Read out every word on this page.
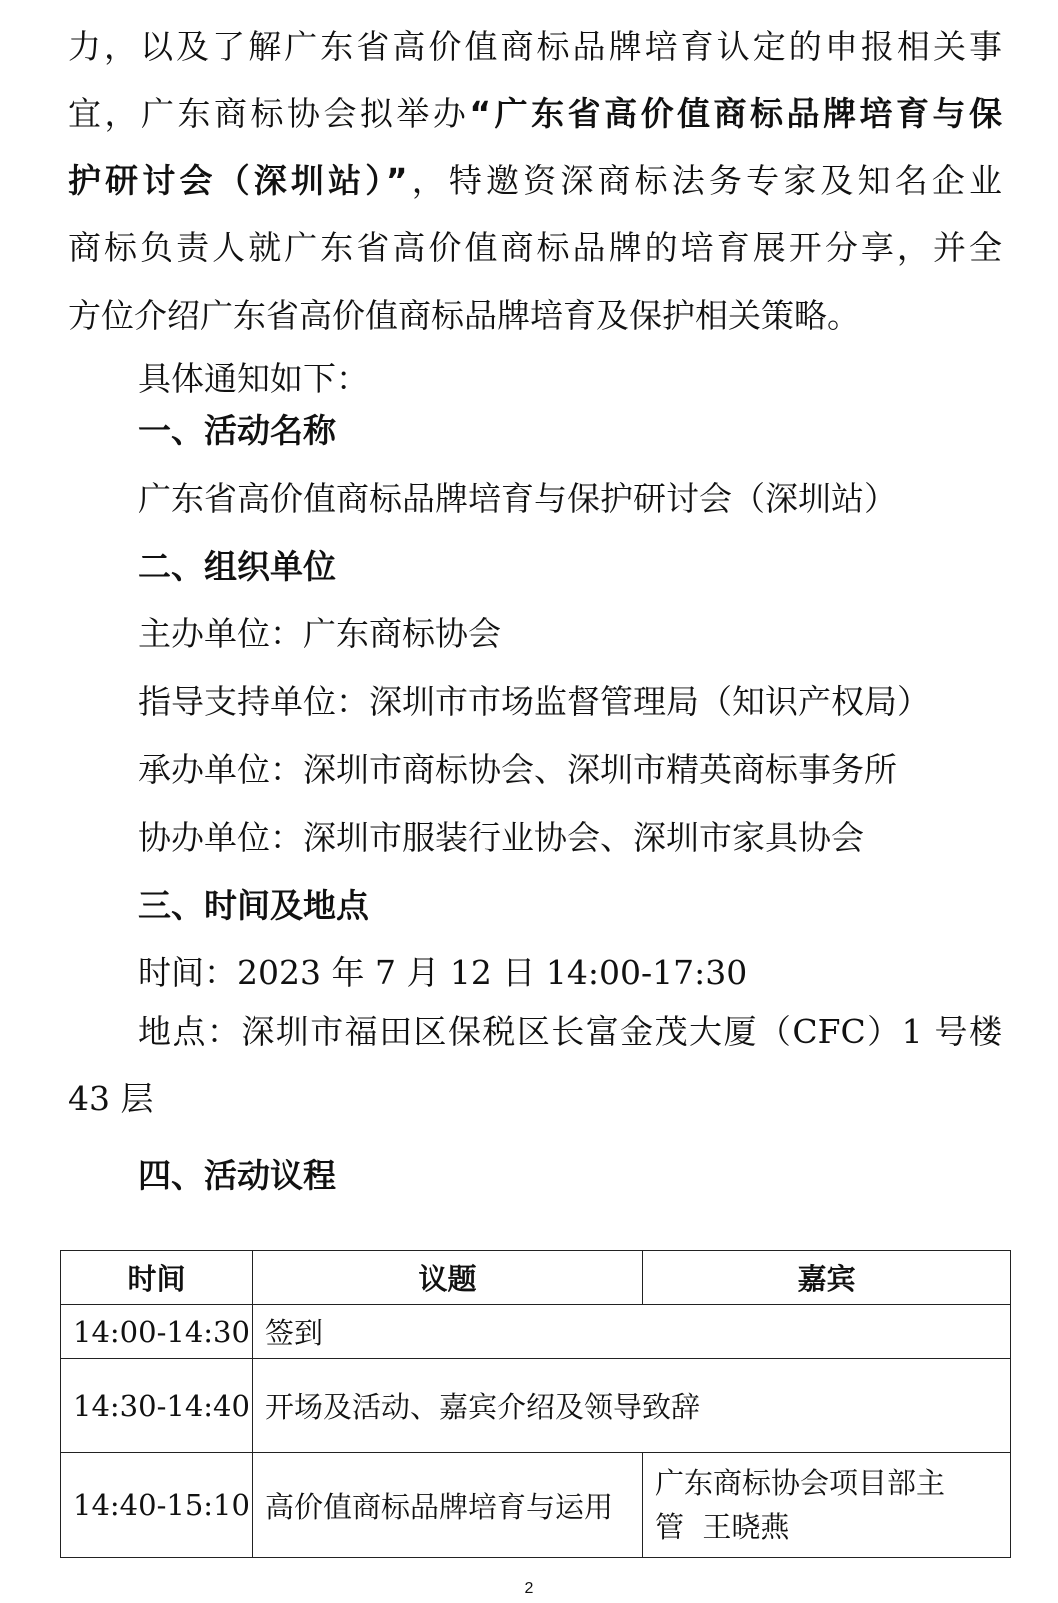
力，以及了解广东省高价值商标品牌培育认定的申报相关事
宜，广东商标协会拟举办“广东省高价值商标品牌培育与保
护研讨会（深圳站）”，特邀资深商标法务专家及知名企业
商标负责人就广东省高价值商标品牌的培育展开分享，并全
方位介绍广东省高价值商标品牌培育及保护相关策略。
具体通知如下：
一、活动名称
广东省高价值商标品牌培育与保护研讨会（深圳站）
二、组织单位
主办单位：广东商标协会
指导支持单位：深圳市市场监督管理局（知识产权局）
承办单位：深圳市商标协会、深圳市精英商标事务所
协办单位：深圳市服装行业协会、深圳市家具协会
三、时间及地点
时间：2023 年 7 月 12 日 14:00-17:30
地点：深圳市福田区保税区长富金茂大厦（CFC）1 号楼
43 层
四、活动议程
时间	议题	嘉宾
14:00-14:30	签到	
14:30-14:40	开场及活动、嘉宾介绍及领导致辞	
14:40-15:10	高价值商标品牌培育与运用	广东商标协会项目部主
管  王晓燕
2
